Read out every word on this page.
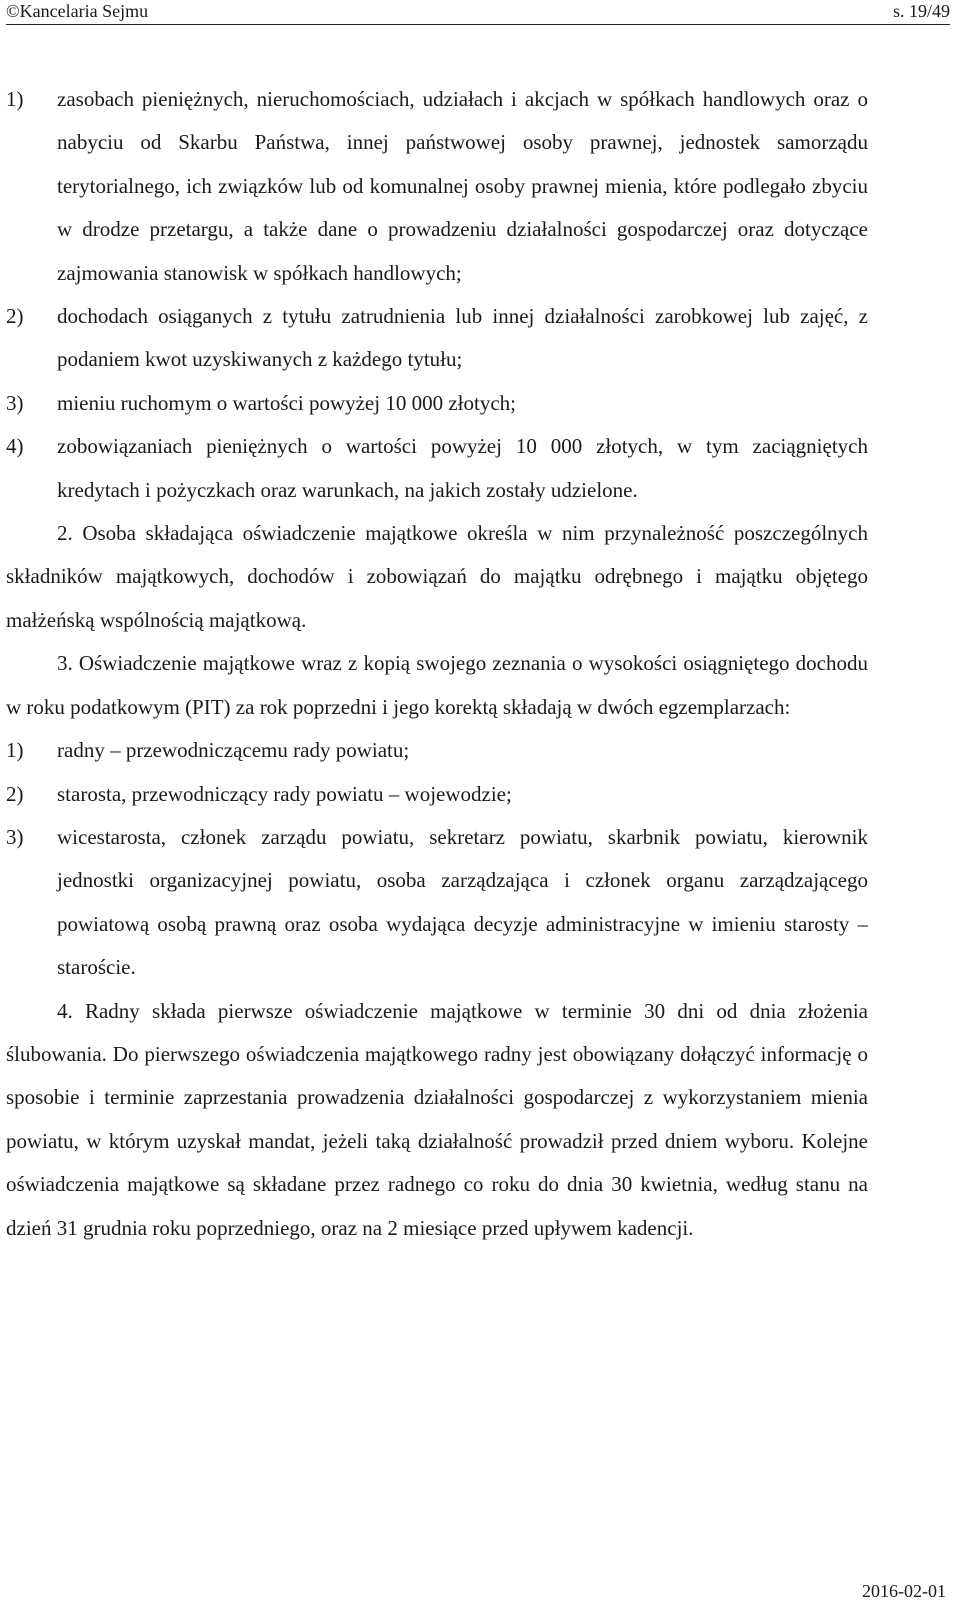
©Kancelaria Sejmu	s. 19/49
1)	zasobach pieniężnych, nieruchomościach, udziałach i akcjach w spółkach handlowych oraz o nabyciu od Skarbu Państwa, innej państwowej osoby prawnej, jednostek samorządu terytorialnego, ich związków lub od komunalnej osoby prawnej mienia, które podlegało zbyciu w drodze przetargu, a także dane o prowadzeniu działalności gospodarczej oraz dotyczące zajmowania stanowisk w spółkach handlowych;
2)	dochodach osiąganych z tytułu zatrudnienia lub innej działalności zarobkowej lub zajęć, z podaniem kwot uzyskiwanych z każdego tytułu;
3)	mieniu ruchomym o wartości powyżej 10 000 złotych;
4)	zobowiązaniach pieniężnych o wartości powyżej 10 000 złotych, w tym zaciągniętych kredytach i pożyczkach oraz warunkach, na jakich zostały udzielone.

2. Osoba składająca oświadczenie majątkowe określa w nim przynależność poszczególnych składników majątkowych, dochodów i zobowiązań do majątku odrębnego i majątku objętego małżeńską wspólnością majątkową.

3. Oświadczenie majątkowe wraz z kopią swojego zeznania o wysokości osiągniętego dochodu w roku podatkowym (PIT) za rok poprzedni i jego korektą składają w dwóch egzemplarzach:

1)	radny – przewodniczącemu rady powiatu;
2)	starosta, przewodniczący rady powiatu – wojewodzie;
3)	wicestarosta, członek zarządu powiatu, sekretarz powiatu, skarbnik powiatu, kierownik jednostki organizacyjnej powiatu, osoba zarządzająca i członek organu zarządzającego powiatową osobą prawną oraz osoba wydająca decyzje administracyjne w imieniu starosty – staroście.

4. Radny składa pierwsze oświadczenie majątkowe w terminie 30 dni od dnia złożenia ślubowania. Do pierwszego oświadczenia majątkowego radny jest obowiązany dołączyć informację o sposobie i terminie zaprzestania prowadzenia działalności gospodarczej z wykorzystaniem mienia powiatu, w którym uzyskał mandat, jeżeli taką działalność prowadził przed dniem wyboru. Kolejne oświadczenia majątkowe są składane przez radnego co roku do dnia 30 kwietnia, według stanu na dzień 31 grudnia roku poprzedniego, oraz na 2 miesiące przed upływem kadencji.

2016-02-01
